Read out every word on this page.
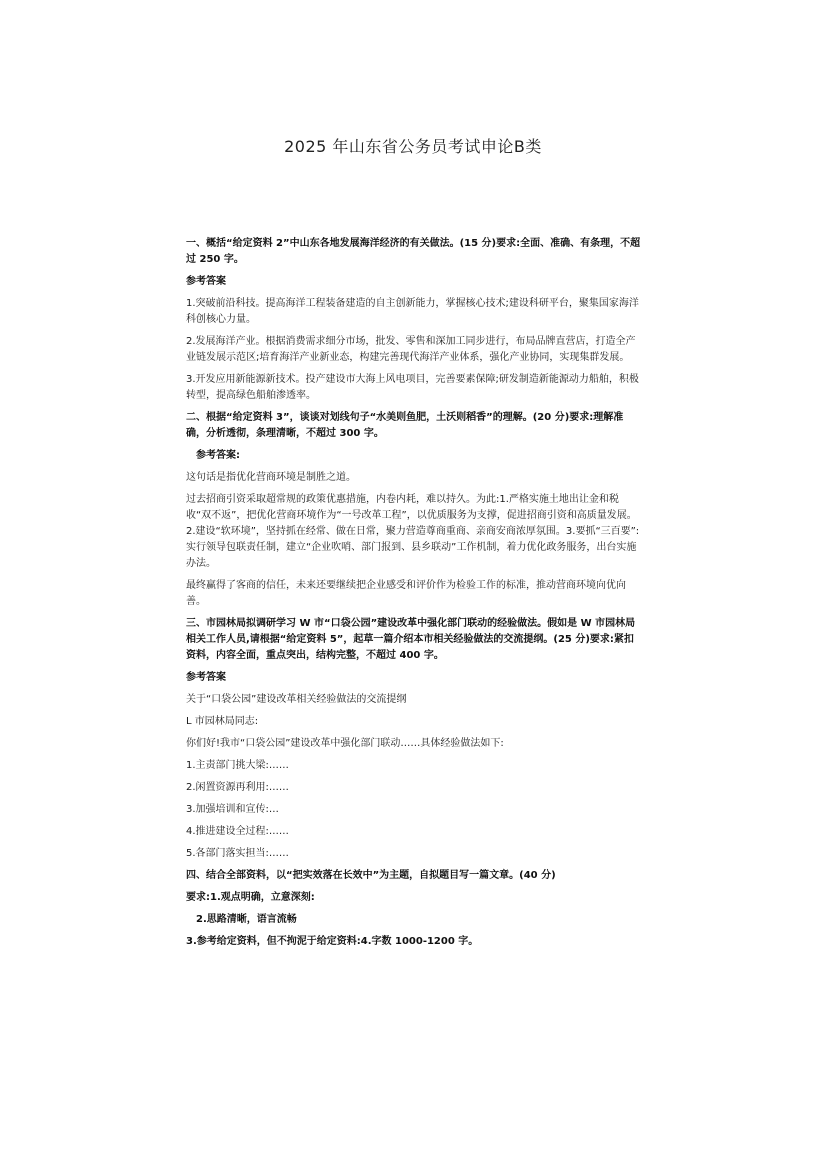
2025 年山东省公务员考试申论B类

一、概括“给定资料 2”中山东各地发展海洋经济的有关做法。(15 分)要求:全面、准确、有条理，不超过 250 字。

参考答案

1.突破前沿科技。提高海洋工程装备建造的自主创新能力，掌握核心技术;建设科研平台，聚集国家海洋科创核心力量。

2.发展海洋产业。根据消费需求细分市场，批发、零售和深加工同步进行，布局品牌直营店，打造全产业链发展示范区;培育海洋产业新业态，构建完善现代海洋产业体系，强化产业协同，实现集群发展。

3.开发应用新能源新技术。投产建设市大海上风电项目，完善要素保障;研发制造新能源动力船舶，积极转型，提高绿色船舶渗透率。

二、根据“给定资料 3”，谈谈对划线句子“水美则鱼肥，土沃则稻香”的理解。(20 分)要求:理解准确，分析透彻，条理清晰，不超过 300 字。

参考答案:

这句话是指优化营商环境是制胜之道。

过去招商引资采取超常规的政策优惠措施，内卷内耗，难以持久。为此:1.严格实施土地出让金和税收“双不返”，把优化营商环境作为“一号改革工程”，以优质服务为支撑，促进招商引资和高质量发展。2.建设“软环境”，坚持抓在经常、做在日常，聚力营造尊商重商、亲商安商浓厚氛围。3.要抓“三百要”:实行领导包联责任制，建立“企业吹哨、部门报到、县乡联动”工作机制，着力优化政务服务，出台实施办法。

最终赢得了客商的信任，未来还要继续把企业感受和评价作为检验工作的标准，推动营商环境向优向善。

三、市园林局拟调研学习 W 市“口袋公园”建设改革中强化部门联动的经验做法。假如是 W 市园林局相关工作人员,请根据“给定资料 5”，起草一篇介绍本市相关经验做法的交流提纲。(25 分)要求:紧扣资料，内容全面，重点突出，结构完整，不超过 400 字。

参考答案

关于“口袋公园”建设改革相关经验做法的交流提纲

L 市园林局同志:

你们好!我市“口袋公园”建设改革中强化部门联动……具体经验做法如下:

1.主责部门挑大梁:……

2.闲置资源再利用:……

3.加强培训和宣传:…

4.推进建设全过程:……

5.各部门落实担当:……

四、结合全部资料，以“把实效落在长效中”为主题，自拟题目写一篇文章。(40 分)

要求:1.观点明确，立意深刻:

2.思路清晰，语言流畅

3.参考给定资料，但不拘泥于给定资料:4.字数 1000-1200 字。
